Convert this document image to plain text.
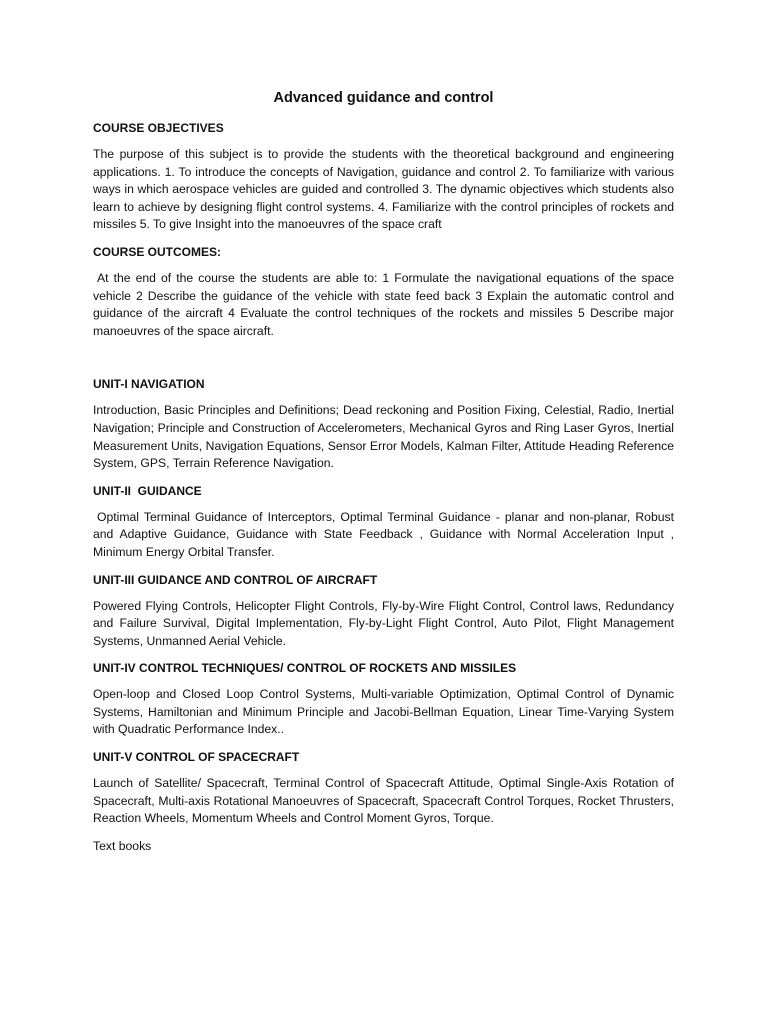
Advanced guidance and control
COURSE OBJECTIVES
The purpose of this subject is to provide the students with the theoretical background and engineering applications. 1. To introduce the concepts of Navigation, guidance and control 2. To familiarize with various ways in which aerospace vehicles are guided and controlled 3. The dynamic objectives which students also learn to achieve by designing flight control systems. 4. Familiarize with the control principles of rockets and missiles 5. To give Insight into the manoeuvres of the space craft
COURSE OUTCOMES:
At the end of the course the students are able to: 1 Formulate the navigational equations of the space vehicle 2 Describe the guidance of the vehicle with state feed back 3 Explain the automatic control and guidance of the aircraft 4 Evaluate the control techniques of the rockets and missiles 5 Describe major manoeuvres of the space aircraft.
UNIT-I NAVIGATION
Introduction, Basic Principles and Definitions; Dead reckoning and Position Fixing, Celestial, Radio, Inertial Navigation; Principle and Construction of Accelerometers, Mechanical Gyros and Ring Laser Gyros, Inertial Measurement Units, Navigation Equations, Sensor Error Models, Kalman Filter, Attitude Heading Reference System, GPS, Terrain Reference Navigation.
UNIT-II  GUIDANCE
Optimal Terminal Guidance of Interceptors, Optimal Terminal Guidance - planar and non-planar, Robust and Adaptive Guidance, Guidance with State Feedback , Guidance with Normal Acceleration Input , Minimum Energy Orbital Transfer.
UNIT-III GUIDANCE AND CONTROL OF AIRCRAFT
Powered Flying Controls, Helicopter Flight Controls, Fly-by-Wire Flight Control, Control laws, Redundancy and Failure Survival, Digital Implementation, Fly-by-Light Flight Control, Auto Pilot, Flight Management Systems, Unmanned Aerial Vehicle.
UNIT-IV CONTROL TECHNIQUES/ CONTROL OF ROCKETS AND MISSILES
Open-loop and Closed Loop Control Systems, Multi-variable Optimization, Optimal Control of Dynamic Systems, Hamiltonian and Minimum Principle and Jacobi-Bellman Equation, Linear Time-Varying System with Quadratic Performance Index..
UNIT-V CONTROL OF SPACECRAFT
Launch of Satellite/ Spacecraft, Terminal Control of Spacecraft Attitude, Optimal Single-Axis Rotation of Spacecraft, Multi-axis Rotational Manoeuvres of Spacecraft, Spacecraft Control Torques, Rocket Thrusters, Reaction Wheels, Momentum Wheels and Control Moment Gyros, Torque.
Text books
